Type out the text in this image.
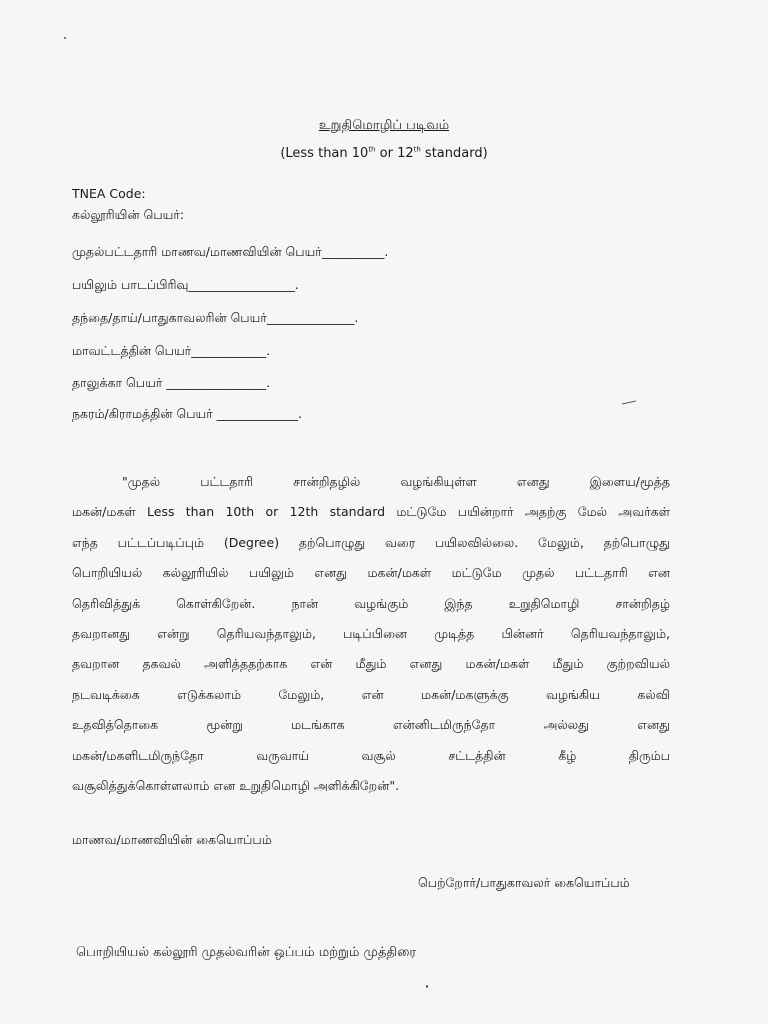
உறுதிமொழிப் படிவம்
(Less than 10th or 12th standard)
TNEA Code:
கல்லூரியின் பெயர்:
முதல்பட்டதாரி மாணவ/மாணவியின் பெயர்__________.
பயிலும் பாடப்பிரிவு_________________.
தந்தை/தாய்/பாதுகாவலரின் பெயர்______________.
மாவட்டத்தின் பெயர்____________.
தாலுக்கா பெயர் ________________.
நகரம்/கிராமத்தின் பெயர் _____________.
"முதல் பட்டதாரி சான்றிதழில் வழங்கியுள்ள எனது இளைய/மூத்த
மகன்/மகள் Less than 10th or 12th standard மட்டுமே பயின்றார் அதற்கு மேல் அவர்கள்
எந்த பட்டப்படிப்பும் (Degree) தற்பொழுது வரை பயிலவில்லை. மேலும், தற்பொழுது
பொறியியல் கல்லூரியில் பயிலும் எனது மகன்/மகள் மட்டுமே முதல் பட்டதாரி என
தெரிவித்துக் கொள்கிறேன். நான் வழங்கும் இந்த உறுதிமொழி சான்றிதழ்
தவறானது என்று தெரியவந்தாலும், படிப்பினை முடித்த பின்னர் தெரியவந்தாலும்,
தவறான தகவல் அளித்ததற்காக என் மீதும் எனது மகன்/மகள் மீதும் குற்றவியல்
நடவடிக்கை எடுக்கலாம் மேலும், என் மகன்/மகளுக்கு வழங்கிய கல்வி
உதவித்தொகை மூன்று மடங்காக என்னிடமிருந்தோ அல்லது எனது
மகன்/மகளிடமிருந்தோ வருவாய் வசூல் சட்டத்தின் கீழ் திரும்ப
வசூலித்துக்கொள்ளலாம் என உறுதிமொழி அளிக்கிறேன்".
மாணவ/மாணவியின் கையொப்பம்
பெற்றோர்/பாதுகாவலர் கையொப்பம்
பொறியியல் கல்லூரி முதல்வரின் ஒப்பம் மற்றும் முத்திரை
